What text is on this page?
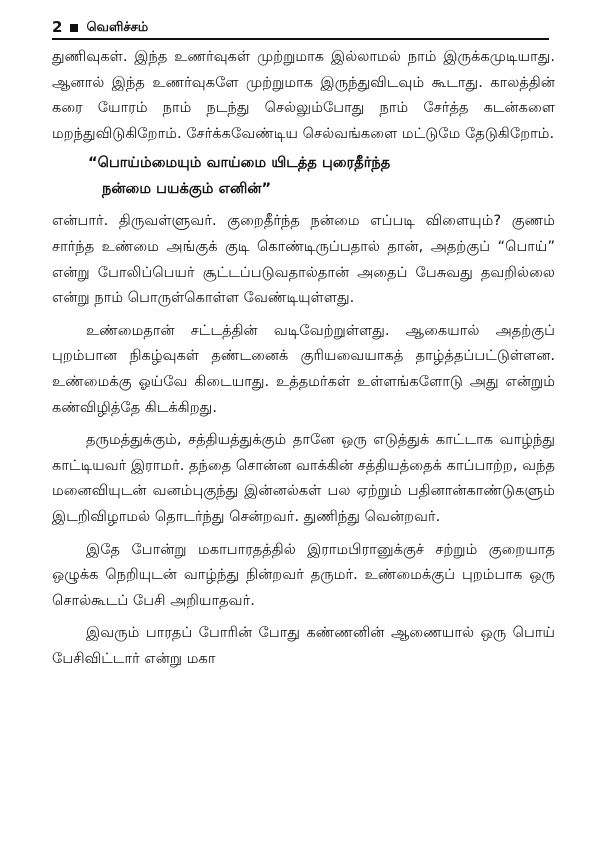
2 வெளிச்சம்

துணிவுகள். இந்த உணர்வுகள் முற்றுமாக இல்லாமல் நாம் இருக்கமுடியாது. ஆனால் இந்த உணர்வுகளே முற்றுமாக இருந்துவிடவும் கூடாது. காலத்தின் கரை யோரம் நாம் நடந்து செல்லும்போது நாம் சேர்த்த கடன்களை மறந்துவிடுகிறோம். சேர்க்கவேண்டிய செல்வங்களை மட்டுமே தேடுகிறோம்.

“பொய்ம்மையும் வாய்மை யிடத்த புரைதீர்ந்த
நன்மை பயக்கும் எனின்”

என்பார். திருவள்ளுவர். குறைதீர்ந்த நன்மை எப்படி விளையும்? குணம் சார்ந்த உண்மை அங்குக் குடி கொண்டிருப்பதால் தான், அதற்குப் “பொய்” என்று போலிப்பெயர் சூட்டப்படுவதால்தான் அதைப் பேசுவது தவறில்லை என்று நாம் பொருள்கொள்ள வேண்டியுள்ளது.

உண்மைதான் சட்டத்தின் வடிவேற்றுள்ளது. ஆகையால் அதற்குப் புறம்பான நிகழ்வுகள் தண்டனைக் குரியவையாகத் தாழ்த்தப்பட்டுள்ளன. உண்மைக்கு ஓய்வே கிடையாது. உத்தமர்கள் உள்ளங்களோடு அது என்றும் கண்விழித்தே கிடக்கிறது.

தருமத்துக்கும், சத்தியத்துக்கும் தானே ஒரு எடுத்துக் காட்டாக வாழ்ந்து காட்டியவர் இராமர். தந்தை சொன்ன வாக்கின் சத்தியத்தைக் காப்பாற்ற, வந்த மனைவியுடன் வனம்புகுந்து இன்னல்கள் பல ஏற்றும் பதினான்காண்டுகளும் இடறிவிழாமல் தொடர்ந்து சென்றவர். துணிந்து வென்றவர்.

இதே போன்று மகாபாரதத்தில் இராமபிரானுக்குச் சற்றும் குறையாத ஒழுக்க நெறியுடன் வாழ்ந்து நின்றவர் தருமர். உண்மைக்குப் புறம்பாக ஒரு சொல்கூடப் பேசி அறியாதவர்.

இவரும் பாரதப் போரின் போது கண்ணனின் ஆணையால் ஒரு பொய் பேசிவிட்டார் என்று மகா
